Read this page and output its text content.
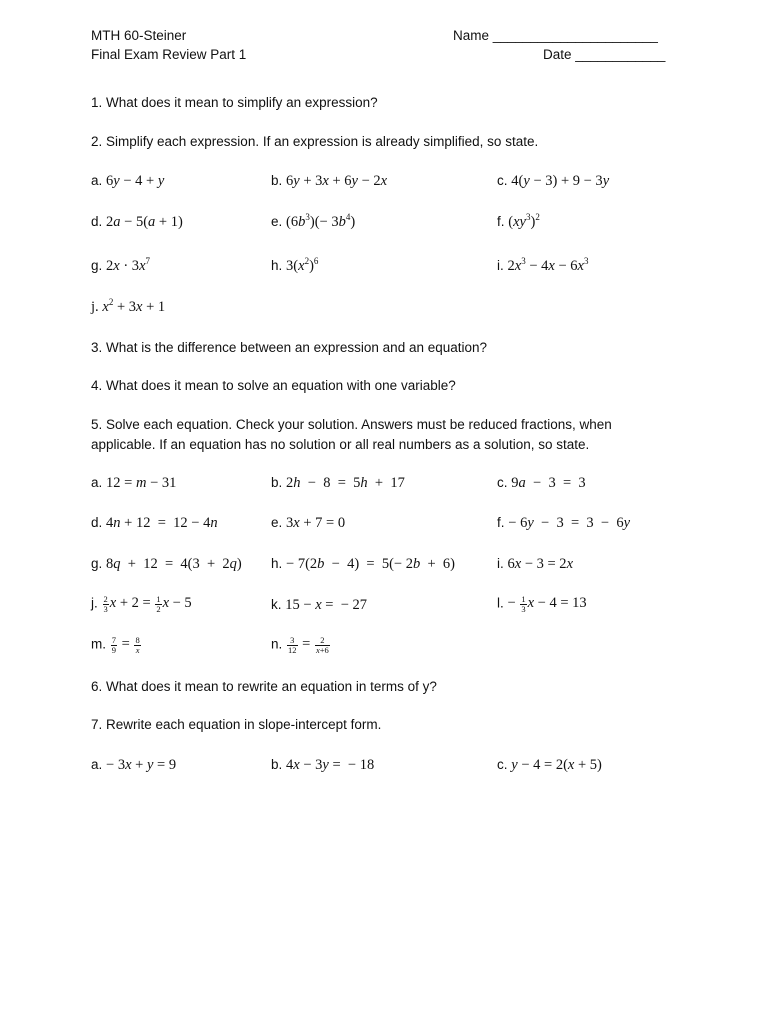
MTH 60-Steiner
Final Exam Review Part 1
Name ______________________
Date ____________
1. What does it mean to simplify an expression?
2. Simplify each expression. If an expression is already simplified, so state.
a. 6y − 4 + y	b. 6y + 3x + 6y − 2x	c. 4(y − 3) + 9 − 3y
d. 2a − 5(a + 1)	e. $(6b^3)(- 3b^4)$	f. $(xy^3)^2$
g. $2x \cdot 3x^7$	h. $3(x^2)^6$	i. $2x^3 - 4x - 6x^3$
j. $x^2 + 3x + 1$
3. What is the difference between an expression and an equation?
4. What does it mean to solve an equation with one variable?
5. Solve each equation. Check your solution. Answers must be reduced fractions, when
applicable. If an equation has no solution or all real numbers as a solution, so state.
a. 12 = m − 31	b. 2h  −  8  =  5h  +  17	c. 9a  −  3  =  3
d. 4n + 12  =  12 − 4n	e. 3x + 7 = 0	f. − 6y  −  3  =  3  −  6y
g. 8q  +  12  =  4(3  +  2q) h. − 7(2b  −  4)  =  5(− 2b  +  6)	i. 6x − 3 = 2x
j. $\frac{2}{3}$ $x + 2 = \frac{1}{2}$ x − 5	k. 15 − x =  − 27	l. − $\frac{1}{3}$ x − 4 = 13
m. $\frac{7}{9} = \frac{8}{x}$	n. $\frac{3}{12} = \frac{2}{x+6}$
6. What does it mean to rewrite an equation in terms of y?
7. Rewrite each equation in slope-intercept form.
a. − 3x + y = 9	b. 4x − 3y =  − 18	c. y − 4 = 2(x + 5)
